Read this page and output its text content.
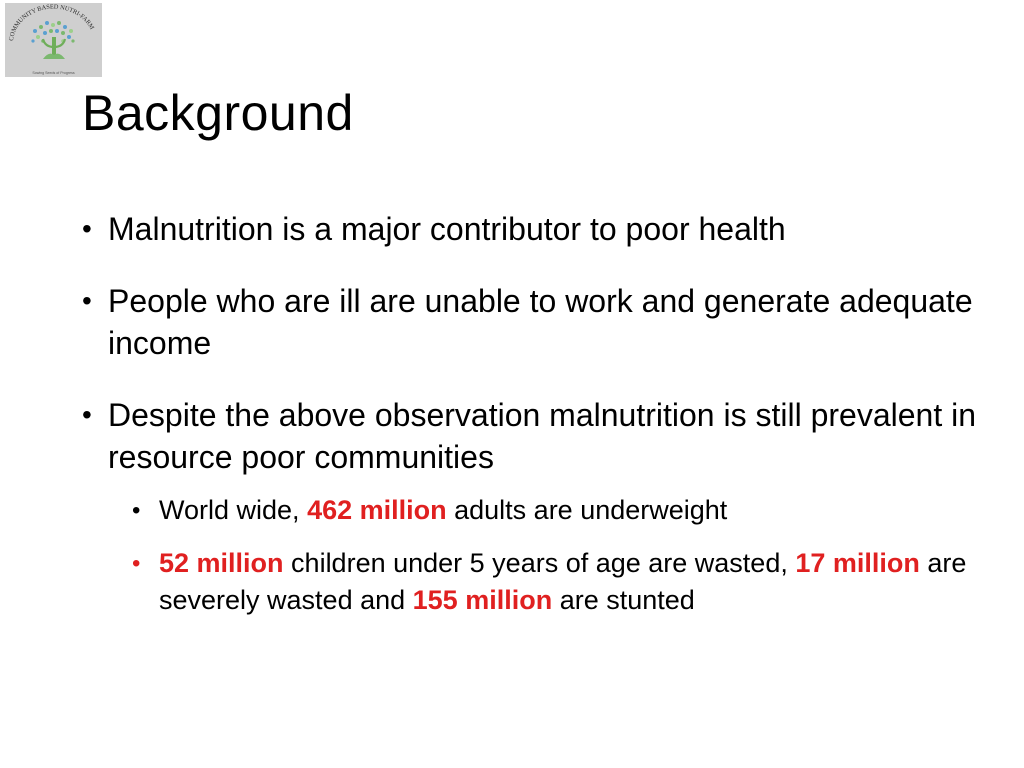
COMMUNITY BASED NUTRI-FARM
Sowing Seeds of Progress
Background
• Malnutrition is a major contributor to poor health
• People who are ill are unable to work and generate adequate income
• Despite the above observation malnutrition is still prevalent in resource poor communities
• World wide, 462 million adults are underweight
• 52 million children under 5 years of age are wasted, 17 million are severely wasted and 155 million are stunted
